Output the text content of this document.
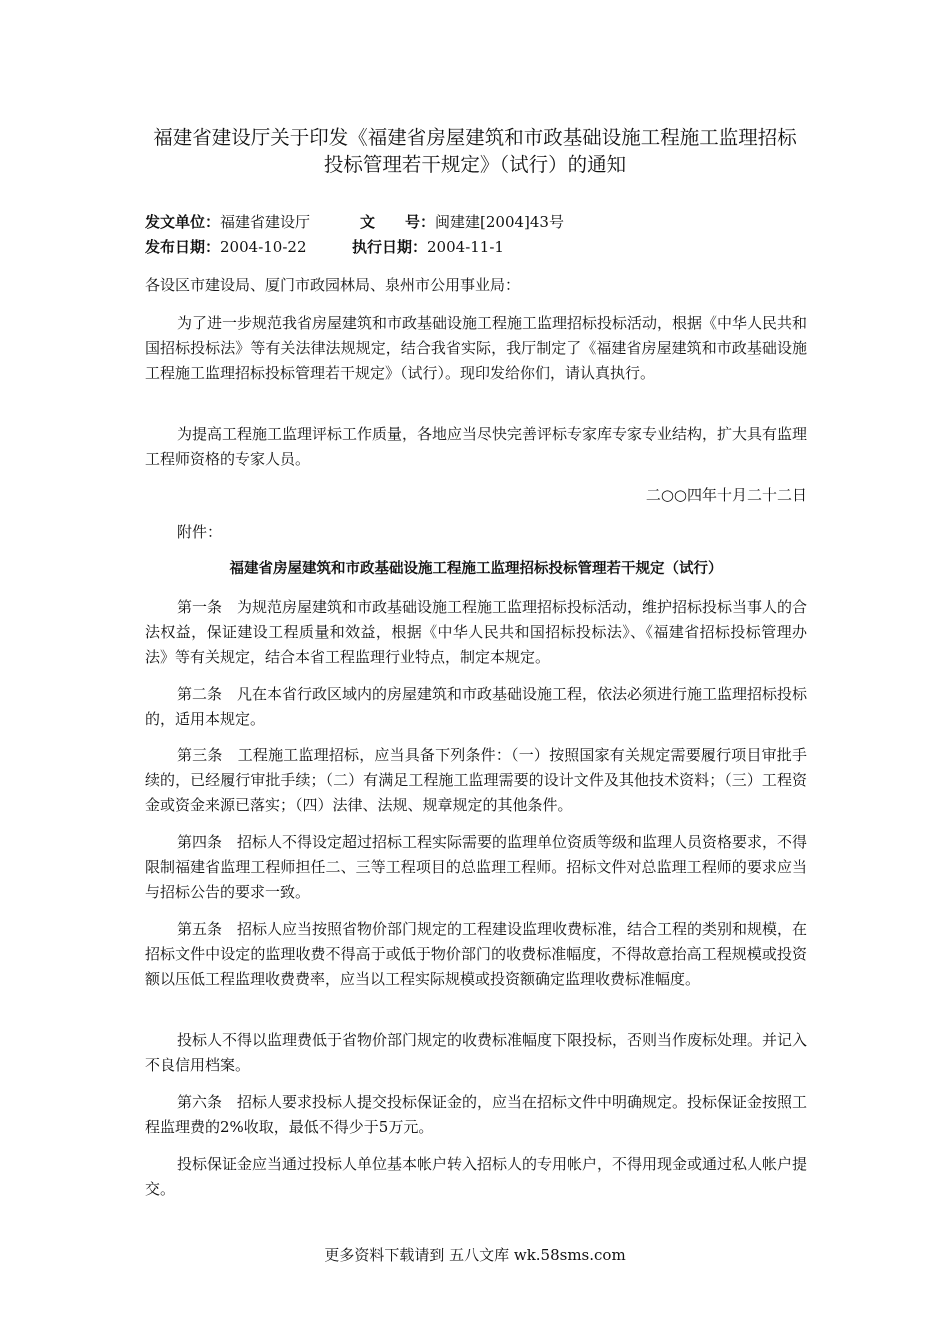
福建省建设厅关于印发《福建省房屋建筑和市政基础设施工程施工监理招标投标管理若干规定》（试行）的通知
发文单位：福建省建设厅	文　　号：闽建建[2004]43号
发布日期：2004-10-22	执行日期：2004-11-1
各设区市建设局、厦门市政园林局、泉州市公用事业局：
为了进一步规范我省房屋建筑和市政基础设施工程施工监理招标投标活动，根据《中华人民共和国招标投标法》等有关法律法规规定，结合我省实际，我厅制定了《福建省房屋建筑和市政基础设施工程施工监理招标投标管理若干规定》（试行）。现印发给你们，请认真执行。
为提高工程施工监理评标工作质量，各地应当尽快完善评标专家库专家专业结构，扩大具有监理工程师资格的专家人员。
二○○四年十月二十二日
附件：
福建省房屋建筑和市政基础设施工程施工监理招标投标管理若干规定（试行）
第一条　为规范房屋建筑和市政基础设施工程施工监理招标投标活动，维护招标投标当事人的合法权益，保证建设工程质量和效益，根据《中华人民共和国招标投标法》、《福建省招标投标管理办法》等有关规定，结合本省工程监理行业特点，制定本规定。
第二条　凡在本省行政区域内的房屋建筑和市政基础设施工程，依法必须进行施工监理招标投标的，适用本规定。
第三条　工程施工监理招标，应当具备下列条件：（一）按照国家有关规定需要履行项目审批手续的，已经履行审批手续；（二）有满足工程施工监理需要的设计文件及其他技术资料；（三）工程资金或资金来源已落实；（四）法律、法规、规章规定的其他条件。
第四条　招标人不得设定超过招标工程实际需要的监理单位资质等级和监理人员资格要求，不得限制福建省监理工程师担任二、三等工程项目的总监理工程师。招标文件对总监理工程师的要求应当与招标公告的要求一致。
第五条　招标人应当按照省物价部门规定的工程建设监理收费标准，结合工程的类别和规模，在招标文件中设定的监理收费不得高于或低于物价部门的收费标准幅度，不得故意抬高工程规模或投资额以压低工程监理收费费率，应当以工程实际规模或投资额确定监理收费标准幅度。
投标人不得以监理费低于省物价部门规定的收费标准幅度下限投标，否则当作废标处理。并记入不良信用档案。
第六条　招标人要求投标人提交投标保证金的，应当在招标文件中明确规定。投标保证金按照工程监理费的2%收取，最低不得少于5万元。
投标保证金应当通过投标人单位基本帐户转入招标人的专用帐户，不得用现金或通过私人帐户提交。
更多资料下载请到 五八文库 wk.58sms.com
